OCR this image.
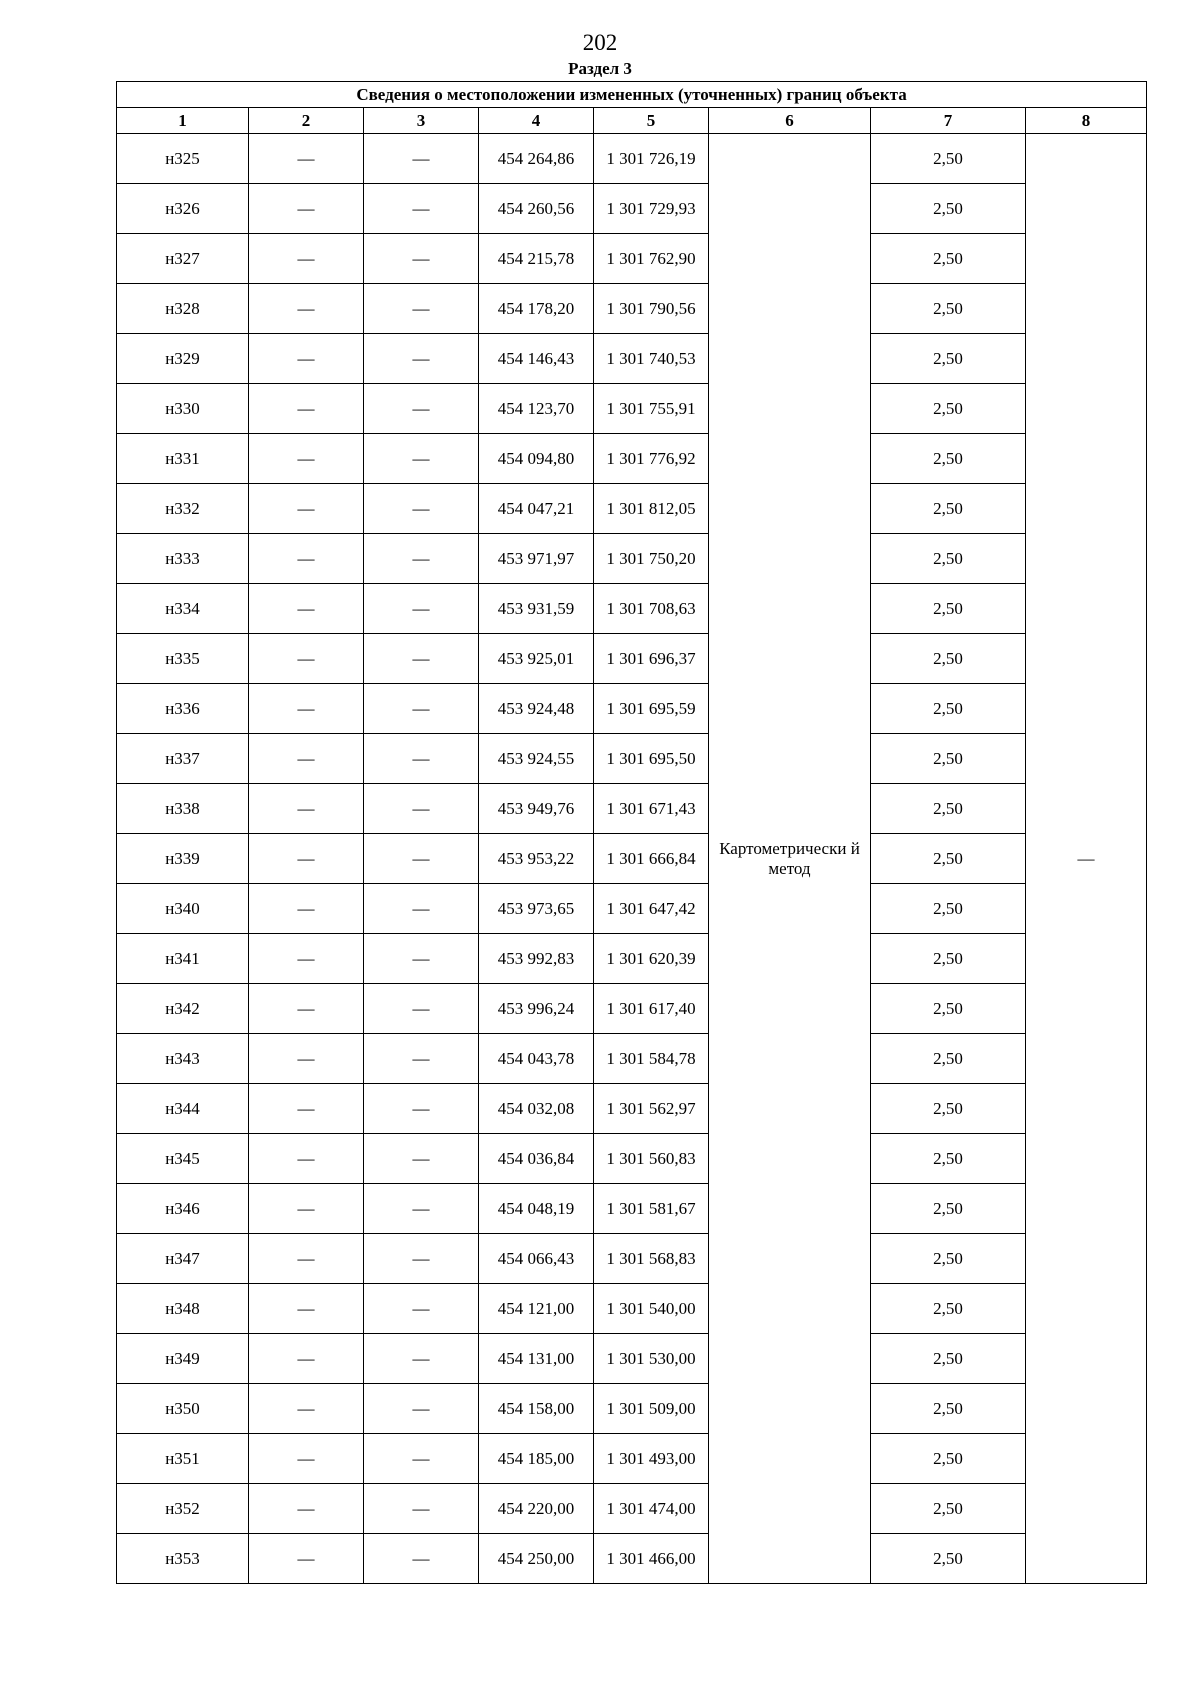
202
Раздел 3
Сведения о местоположении измененных (уточненных) границ объекта							
1	2	3	4	5	6	7	8
н325	—	—	454 264,86	1 301 726,19	Картометрически й метод	2,50	—
н326	—	—	454 260,56	1 301 729,93		2,50	
н327	—	—	454 215,78	1 301 762,90		2,50	
н328	—	—	454 178,20	1 301 790,56		2,50	
н329	—	—	454 146,43	1 301 740,53		2,50	
н330	—	—	454 123,70	1 301 755,91		2,50	
н331	—	—	454 094,80	1 301 776,92		2,50	
н332	—	—	454 047,21	1 301 812,05		2,50	
н333	—	—	453 971,97	1 301 750,20		2,50	
н334	—	—	453 931,59	1 301 708,63		2,50	
н335	—	—	453 925,01	1 301 696,37		2,50	
н336	—	—	453 924,48	1 301 695,59		2,50	
н337	—	—	453 924,55	1 301 695,50		2,50	
н338	—	—	453 949,76	1 301 671,43		2,50	
н339	—	—	453 953,22	1 301 666,84		2,50	
н340	—	—	453 973,65	1 301 647,42		2,50	
н341	—	—	453 992,83	1 301 620,39		2,50	
н342	—	—	453 996,24	1 301 617,40		2,50	
н343	—	—	454 043,78	1 301 584,78		2,50	
н344	—	—	454 032,08	1 301 562,97		2,50	
н345	—	—	454 036,84	1 301 560,83		2,50	
н346	—	—	454 048,19	1 301 581,67		2,50	
н347	—	—	454 066,43	1 301 568,83		2,50	
н348	—	—	454 121,00	1 301 540,00		2,50	
н349	—	—	454 131,00	1 301 530,00		2,50	
н350	—	—	454 158,00	1 301 509,00		2,50	
н351	—	—	454 185,00	1 301 493,00		2,50	
н352	—	—	454 220,00	1 301 474,00		2,50	
н353	—	—	454 250,00	1 301 466,00		2,50	
